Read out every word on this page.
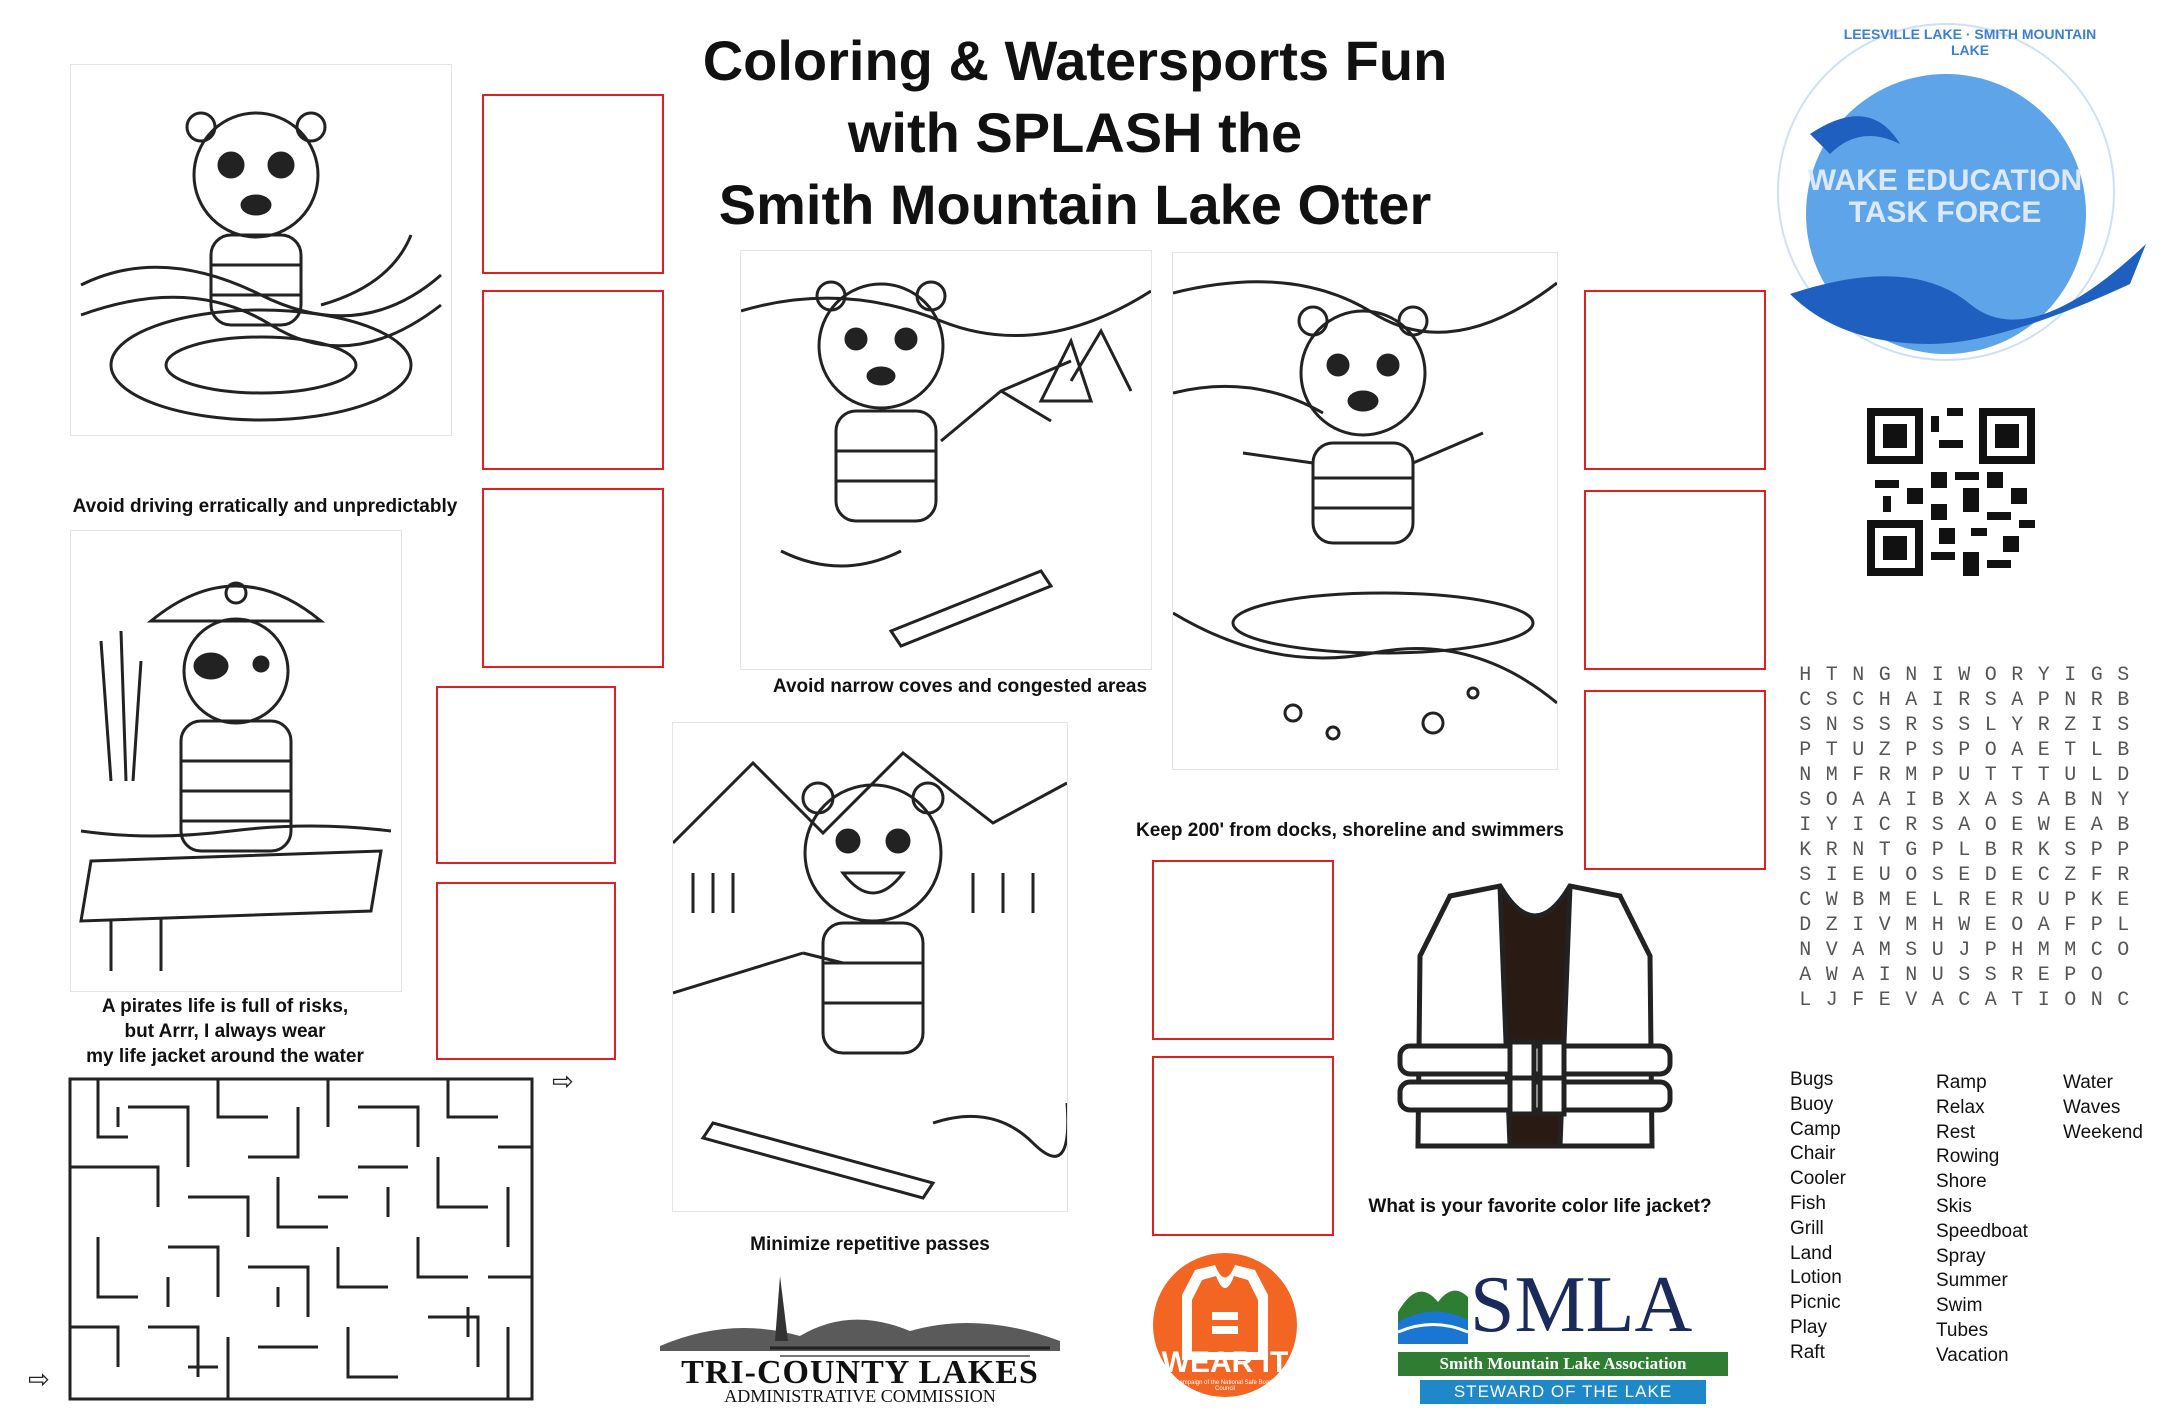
Coloring & Watersports Fun
with SPLASH the
Smith Mountain Lake Otter
Avoid driving erratically and unpredictably
A pirates life is full of risks,
but Arrr, I always wear
my life jacket around the water
Avoid narrow coves and congested areas
Keep 200' from docks, shoreline and swimmers
Minimize repetitive passes
What is your favorite color life jacket?
LEESVILLE LAKE · SMITH MOUNTAIN LAKE
WAKE EDUCATION
TASK FORCE
H T N G N I W O R Y I G S
C S C H A I R S A P N R B
S N S S R S S L Y R Z I S
P T U Z P S P O A E T L B
N M F R M P U T T T U L D
S O A A I B X A S A B N Y
I Y I C R S A O E W E A B
K R N T G P L B R K S P P
S I E U O S E D E C Z F R
C W B M E L R E R U P K E
D Z I V M H W E O A F P L
N V A M S U J P H M M C O
A W A I N U S S R E P O
L J F E V A C A T I O N C
Bugs
Buoy
Camp
Chair
Cooler
Fish
Grill
Land
Lotion
Picnic
Play
Raft
Ramp
Relax
Rest
Rowing
Shore
Skis
Speedboat
Spray
Summer
Swim
Tubes
Vacation
Water
Waves
Weekend
⇨
⇨	TRI-COUNTY LAKES
ADMINISTRATIVE COMMISSION
WEAR IT
A campaign of the National Safe Boating Council
SMLA
Smith Mountain Lake Association
STEWARD OF THE LAKE
